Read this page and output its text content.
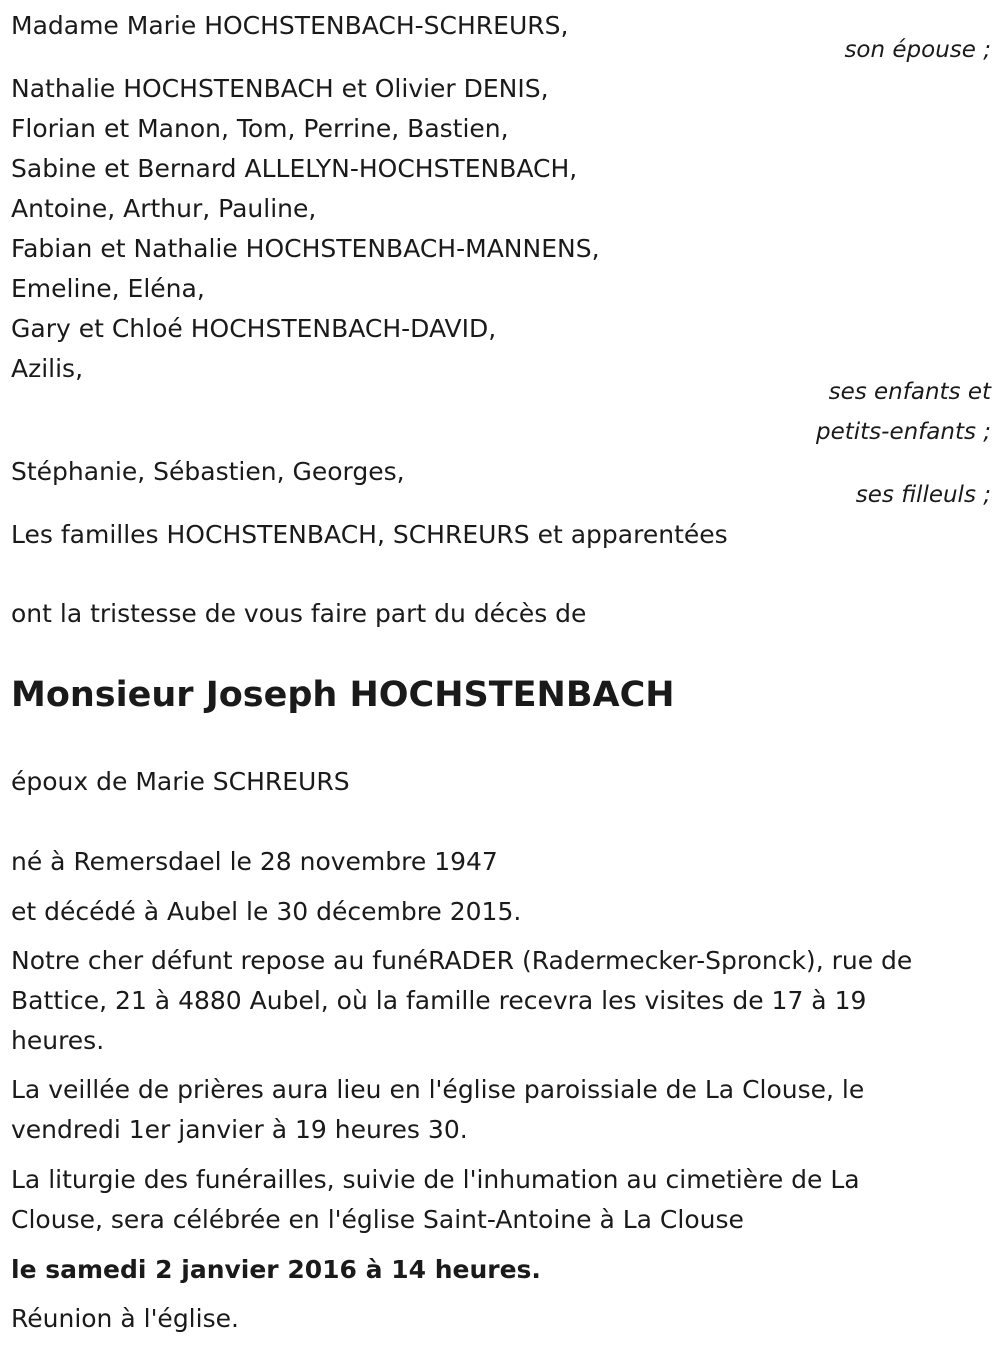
Madame Marie HOCHSTENBACH-SCHREURS,
son épouse ;
Nathalie HOCHSTENBACH et Olivier DENIS,
Florian et Manon, Tom, Perrine, Bastien,
Sabine et Bernard ALLELYN-HOCHSTENBACH,
Antoine, Arthur, Pauline,
Fabian et Nathalie HOCHSTENBACH-MANNENS,
Emeline, Eléna,
Gary et Chloé HOCHSTENBACH-DAVID,
Azilis,
ses enfants et
petits-enfants ;
Stéphanie, Sébastien, Georges,
ses filleuls ;
Les familles HOCHSTENBACH, SCHREURS et apparentées
ont la tristesse de vous faire part du décès de
Monsieur Joseph HOCHSTENBACH
époux de Marie SCHREURS
né à Remersdael le 28 novembre 1947
et décédé à Aubel le 30 décembre 2015.
Notre cher défunt repose au funéRADER (Radermecker-Spronck), rue de
Battice, 21 à 4880 Aubel, où la famille recevra les visites de 17 à 19
heures.
La veillée de prières aura lieu en l'église paroissiale de La Clouse, le
vendredi 1er janvier à 19 heures 30.
La liturgie des funérailles, suivie de l'inhumation au cimetière de La
Clouse, sera célébrée en l'église Saint-Antoine à La Clouse
le samedi 2 janvier 2016 à 14 heures.
Réunion à l'église.
